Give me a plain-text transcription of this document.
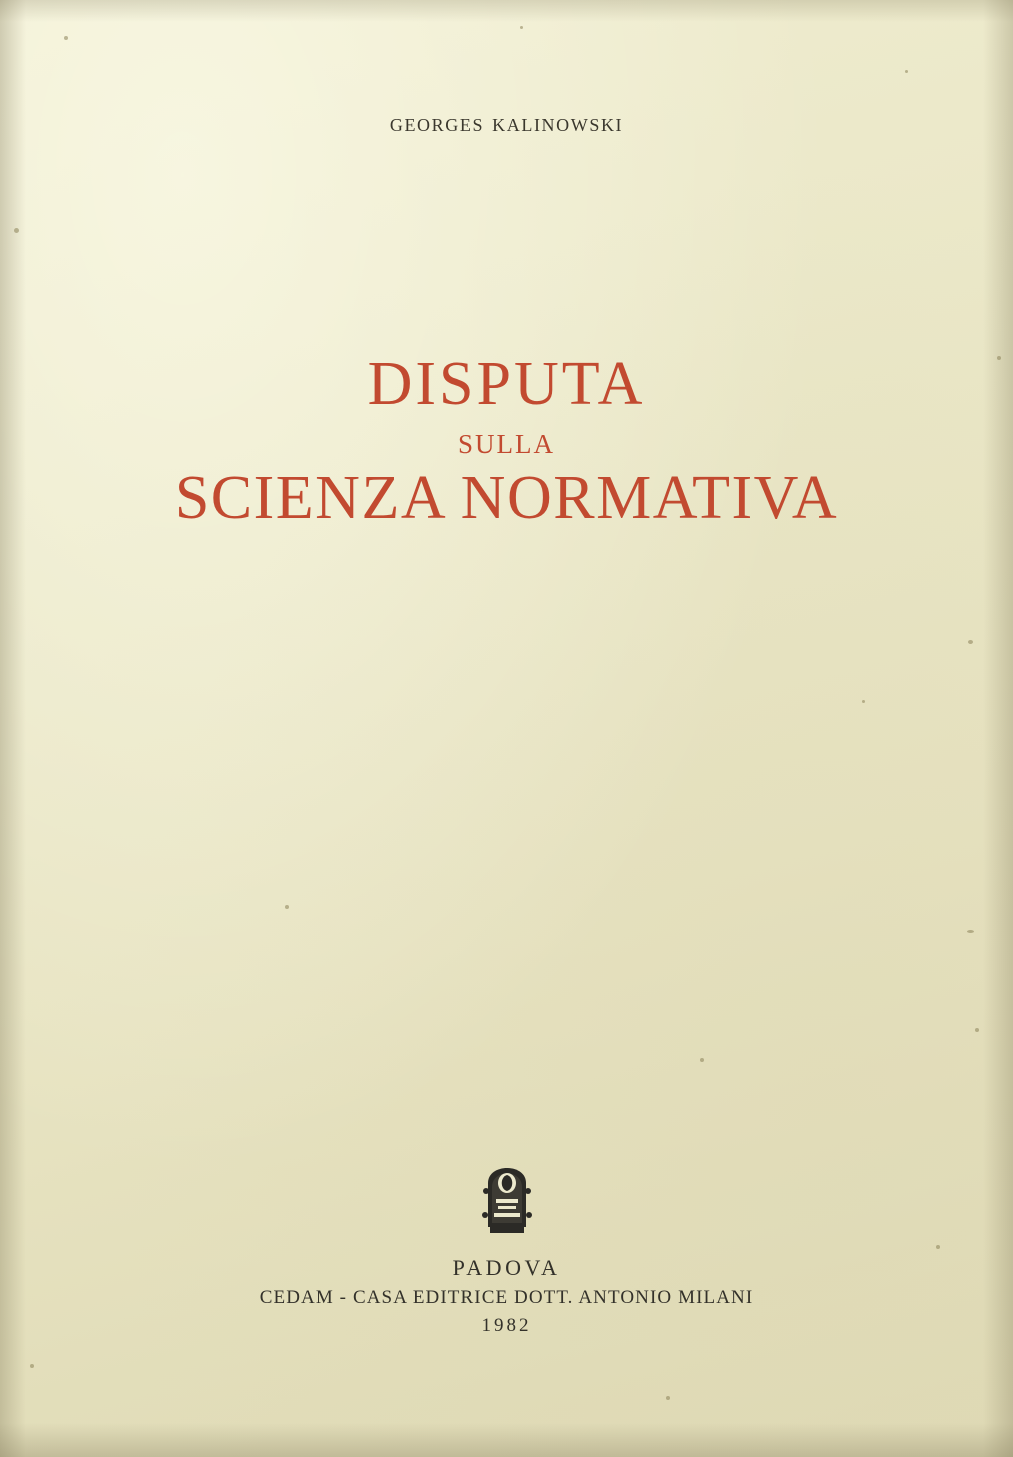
georges kalinowski
DISPUTA
SULLA
SCIENZA NORMATIVA
PADOVA
CEDAM - CASA EDITRICE DOTT. ANTONIO MILANI
1982
